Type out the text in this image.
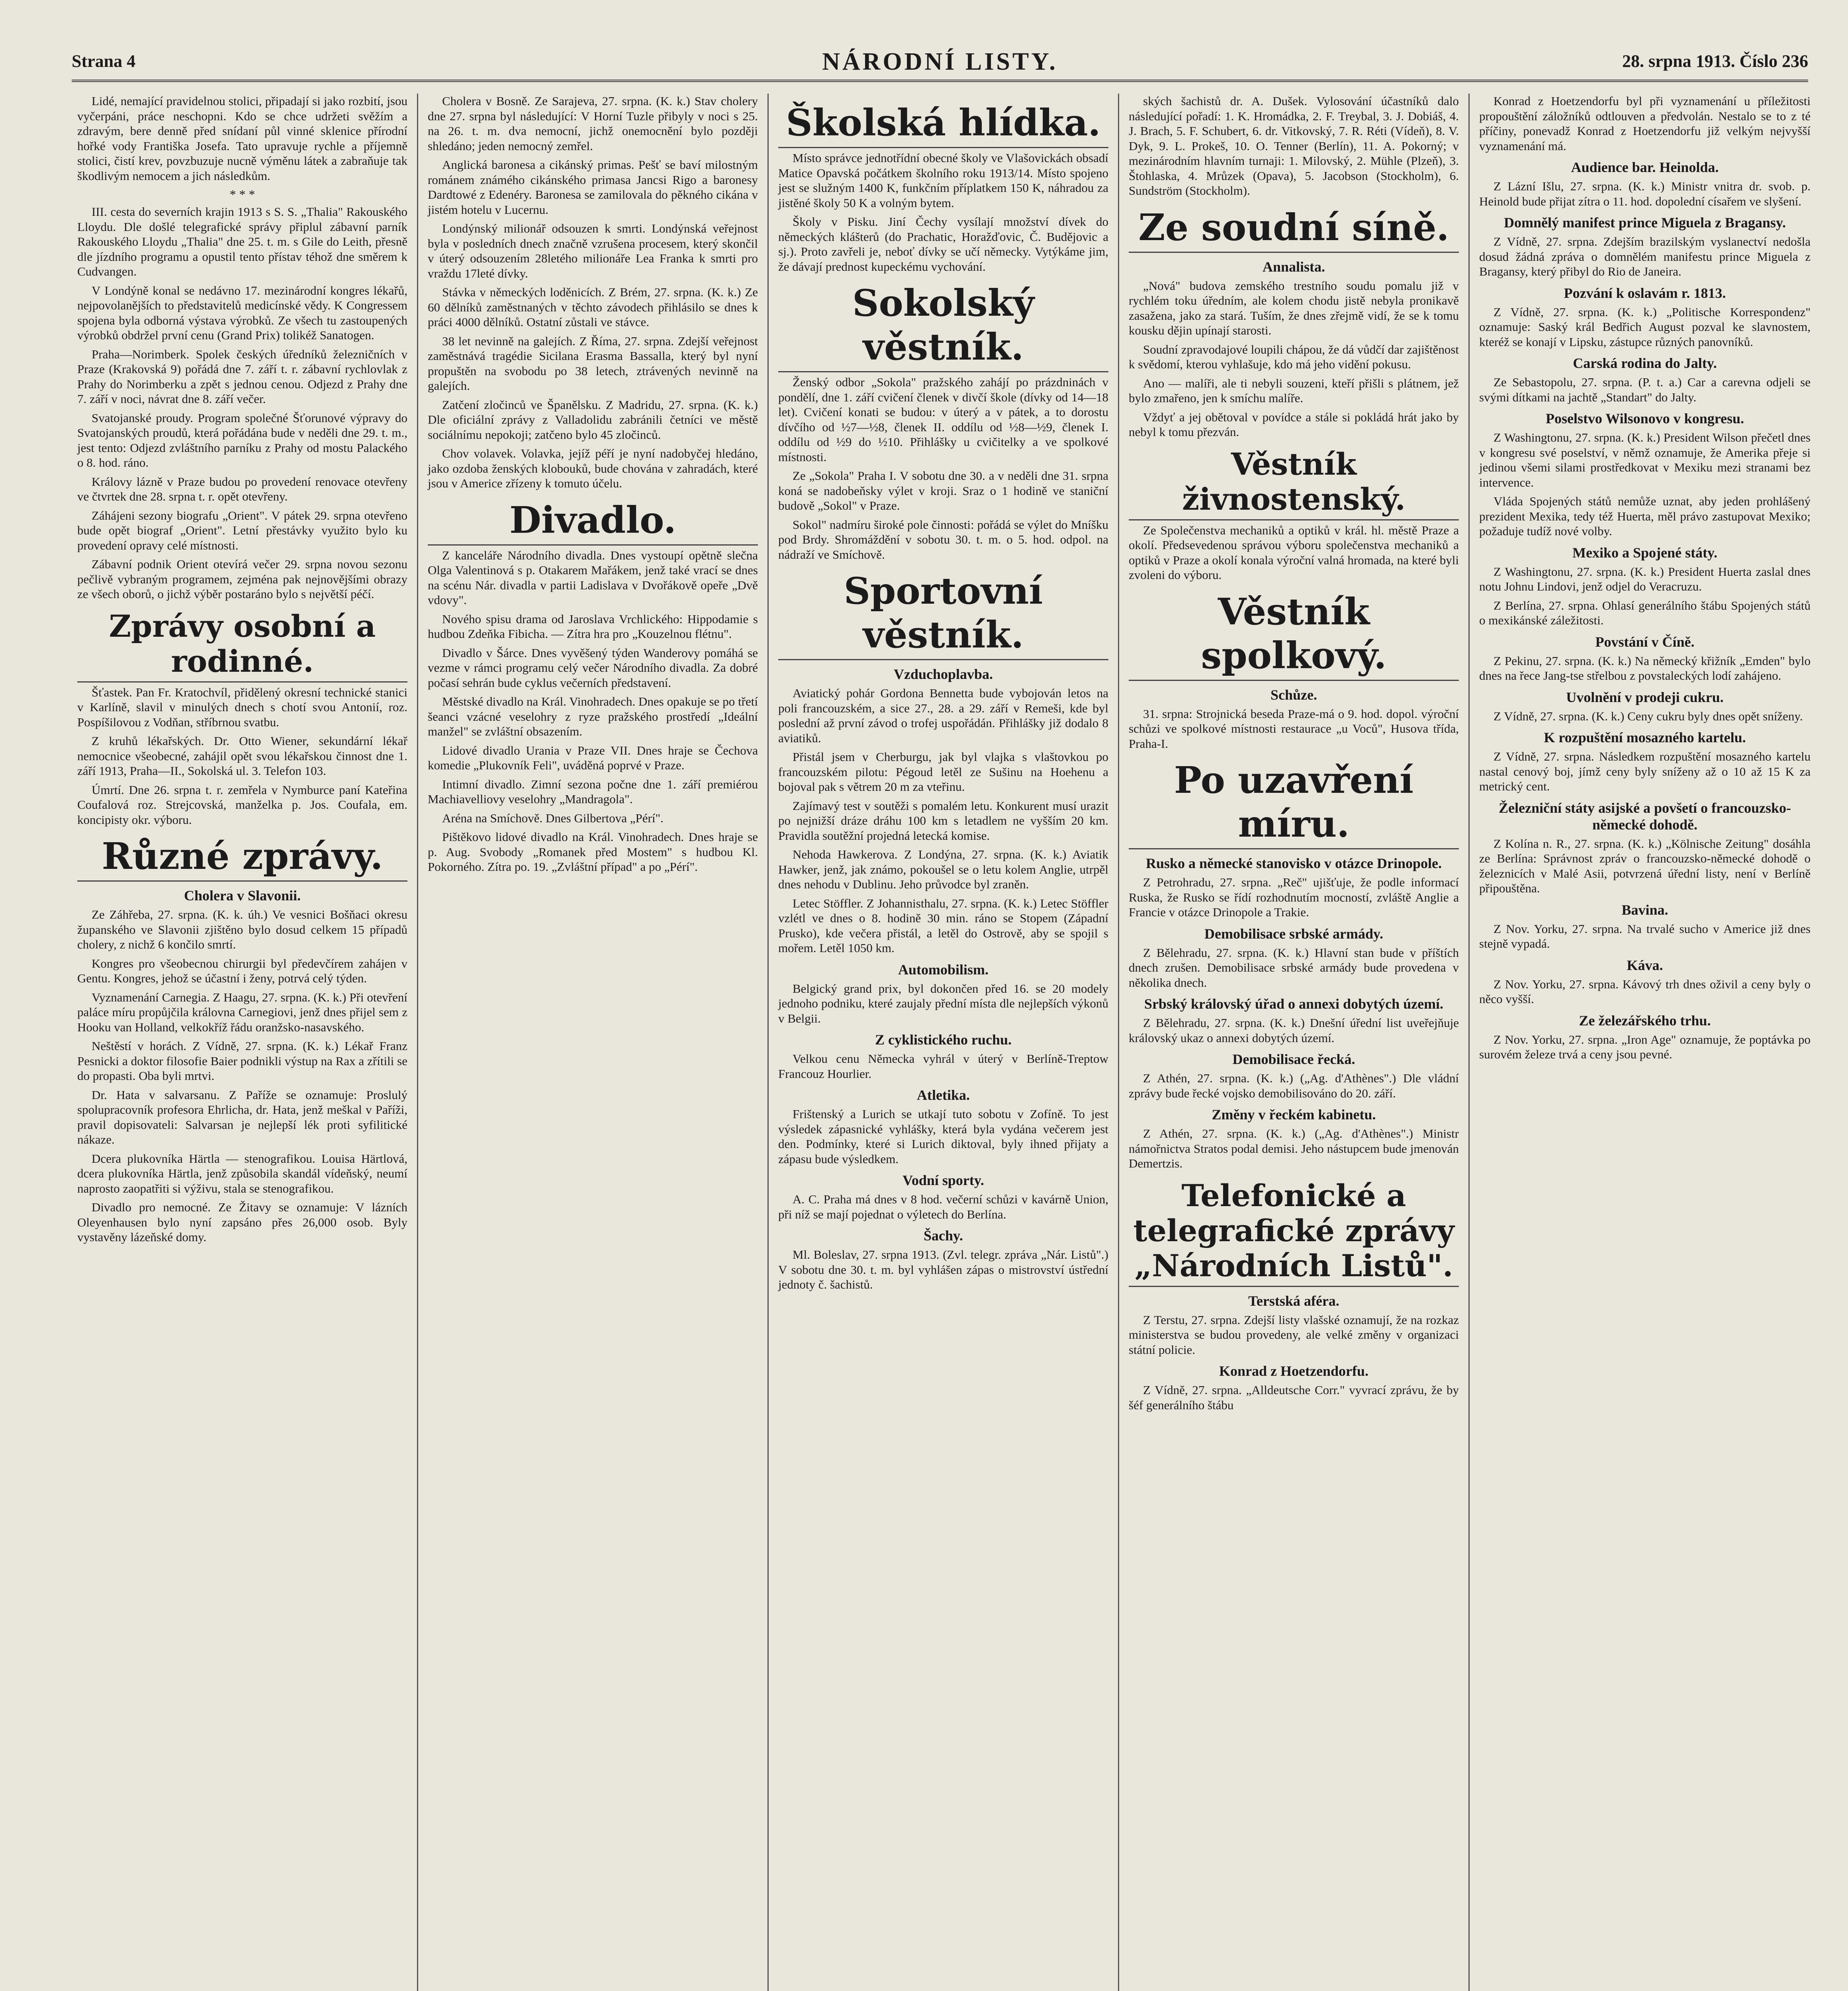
Strana 4	NÁRODNÍ LISTY.	28. srpna 1913. Číslo 236

Lidé, nemající pravidelnou stolici, připadají si jako rozbití, jsou vyčerpáni, práce neschopni. Kdo se chce udržeti svěžím a zdravým, bere denně před snídaní půl vinné sklenice přírodní hořké vody Františka Josefa. Tato upravuje rychle a příjemně stolici, čistí krev, povzbuzuje nucně výměnu látek a zabraňuje tak škodlivým nemocem a jich následkům.

* * *

III. cesta do severních krajin 1913 s S. S. „Thalia" Rakouského Lloydu. Dle došlé telegrafické správy připlul zábavní parník Rakouského Lloydu „Thalia" dne 25. t. m. s Gile do Leith, přesně dle jízdního programu a opustil tento přístav téhož dne směrem k Cudvangen.

V Londýně konal se nedávno 17. mezinárodní kongres lékařů, nejpovolanějších to představitelů medicínské vědy. K Congressem spojena byla odborná výstava výrobků. Ze všech tu zastoupených výrobků obdržel první cenu (Grand Prix) tolikéž Sanatogen.

Praha—Norimberk. Spolek českých úředníků železničních v Praze (Krakovská 9) pořádá dne 7. září t. r. zábavní rychlovlak z Prahy do Norimberku a zpět s jednou cenou. Odjezd z Prahy dne 7. září v noci, návrat dne 8. září večer.

Svatojanské proudy. Program společné Šťorunové výpravy do Svatojanských proudů, která pořádána bude v neděli dne 29. t. m., jest tento: Odjezd zvláštního parníku z Prahy od mostu Palackého o 8. hod. ráno.

Královy lázně v Praze budou po provedení renovace otevřeny ve čtvrtek dne 28. srpna t. r. opět otevřeny.

Záhájeni sezony biografu „Orient". V pátek 29. srpna otevřeno bude opět biograf „Orient". Letní přestávky využito bylo ku provedení opravy celé místnosti.

Zábavní podnik Orient otevírá večer 29. srpna novou sezonu pečlivě vybraným programem, zejména pak nejnovějšími obrazy ze všech oborů, o jichž výběr postaráno bylo s největší péčí.

Zprávy osobní a rodinné.

Šťastek. Pan Fr. Kratochvíl, přidělený okresní technické stanici v Karlíně, slavil v minulých dnech s chotí svou Antonií, roz. Pospíšilovou z Vodňan, stříbrnou svatbu.

Z kruhů lékařských. Dr. Otto Wiener, sekundární lékař nemocnice všeobecné, zahájil opět svou lékařskou činnost dne 1. září 1913, Praha—II., Sokolská ul. 3. Telefon 103.

Úmrtí. Dne 26. srpna t. r. zemřela v Nymburce paní Kateřina Coufalová roz. Strejcovská, manželka p. Jos. Coufala, em. koncipisty okr. výboru.

Různé zprávy.
Cholera v Slavonii.

Ze Záhřeba, 27. srpna. (K. k. úh.) Ve vesnici Bošňaci okresu županského ve Slavonii zjištěno bylo dosud celkem 15 případů cholery, z nichž 6 končilo smrtí.

Kongres pro všeobecnou chirurgii byl předevčírem zahájen v Gentu. Kongres, jehož se účastní i ženy, potrvá celý týden.

Vyznamenání Carnegia. Z Haagu, 27. srpna. (K. k.) Při otevření paláce míru propůjčila královna Carnegiovi, jenž dnes přijel sem z Hooku van Holland, velkokříž řádu oranžsko-nasavského.

Neštěstí v horách. Z Vídně, 27. srpna. (K. k.) Lékař Franz Pesnicki a doktor filosofie Baier podnikli výstup na Rax a zřítili se do propasti. Oba byli mrtvi.

Dr. Hata v salvarsanu. Z Paříže se oznamuje: Proslulý spolupracovník profesora Ehrlicha, dr. Hata, jenž meškal v Paříži, pravil dopisovateli: Salvarsan je nejlepší lék proti syfilitické nákaze.

Dcera plukovníka Härtla — stenografikou. Louisa Härtlová, dcera plukovníka Härtla, jenž způsobila skandál vídeňský, neumí naprosto zaopatřiti si výživu, stala se stenografikou.

Divadlo pro nemocné. Ze Žitavy se oznamuje: V lázních Oleyenhausen bylo nyní zapsáno přes 26,000 osob. Byly vystavěny lázeňské domy.

Cholera v Bosně. Ze Sarajeva, 27. srpna. (K. k.) Stav cholery dne 27. srpna byl následující: V Horní Tuzle přibyly v noci s 25. na 26. t. m. dva nemocní, jichž onemocnění bylo později shledáno; jeden nemocný zemřel.

Anglická baronesa a cikánský primas. Pešť se baví milostným románem známého cikánského primasa Jancsi Rigo a baronesy Dardtowé z Edenéry. Baronesa se zamilovala do pěkného cikána v jistém hotelu v Lucernu.

Londýnský milionář odsouzen k smrti. Londýnská veřejnost byla v posledních dnech značně vzrušena procesem, který skončil v úterý odsouzením 28letého milionáře Lea Franka k smrti pro vraždu 17leté dívky.

Stávka v německých loděnicích. Z Brém, 27. srpna. (K. k.) Ze 60 dělníků zaměstnaných v těchto závodech přihlásilo se dnes k práci 4000 dělníků. Ostatní zůstali ve stávce.

38 let nevinně na galejích. Z Říma, 27. srpna. Zdejší veřejnost zaměstnává tragédie Sicilana Erasma Bassalla, který byl nyní propuštěn na svobodu po 38 letech, ztrávených nevinně na galejích.

Zatčení zločinců ve Španělsku. Z Madridu, 27. srpna. (K. k.) Dle oficiální zprávy z Valladolidu zabránili četníci ve městě sociálnímu nepokoji; zatčeno bylo 45 zločinců.

Chov volavek. Volavka, jejíž péří je nyní nadobyčej hledáno, jako ozdoba ženských klobouků, bude chována v zahradách, které jsou v Americe zřízeny k tomuto účelu.

Divadlo.

Z kanceláře Národního divadla. Dnes vystoupí opětně slečna Olga Valentinová s p. Otakarem Mařákem, jenž také vrací se dnes na scénu Nár. divadla v partii Ladislava v Dvořákově opeře „Dvě vdovy".

Nového spisu drama od Jaroslava Vrchlického: Hippodamie s hudbou Zdeňka Fibicha. — Zítra hra pro „Kouzelnou flétnu".

Divadlo v Šárce. Dnes vyvěšený týden Wanderovy pomáhá se vezme v rámci programu celý večer Národního divadla. Za dobré počasí sehrán bude cyklus večerních představení.

Městské divadlo na Král. Vinohradech. Dnes opakuje se po třetí šeanci vzácné veselohry z ryze pražského prostředí „Ideální manžel" se zvláštní obsazením.

Lidové divadlo Urania v Praze VII. Dnes hraje se Čechova komedie „Plukovník Feli", uváděná poprvé v Praze.

Intimní divadlo. Zimní sezona počne dne 1. září premiérou Machiavelliovy veselohry „Mandragola".

Aréna na Smíchově. Dnes Gilbertova „Pérí".

Pištěkovo lidové divadlo na Král. Vinohradech. Dnes hraje se p. Aug. Svobody „Romanek před Mostem" s hudbou Kl. Pokorného. Zítra po. 19. „Zvláštní případ" a po „Pérí".

Školská hlídka.

Místo správce jednotřídní obecné školy ve Vlašovickách obsadí Matice Opavská počátkem školního roku 1913/14. Místo spojeno jest se služným 1400 K, funkčním příplatkem 150 K, náhradou za jistěné školy 50 K a volným bytem.

Školy v Pisku. Jiní Čechy vysílají množství dívek do německých klášterů (do Prachatic, Horažďovic, Č. Budějovic a sj.). Proto zavřeli je, neboť dívky se učí německy. Vytýkáme jim, že dávají prednost kupeckému vychování.

Sokolský věstník.

Ženský odbor „Sokola" pražského zahájí po prázdninách v pondělí, dne 1. září cvičení členek v divčí škole (dívky od 14—18 let). Cvičení konati se budou: v úterý a v pátek, a to dorostu dívčího od ½7—½8, členek II. oddílu od ½8—½9, členek I. oddílu od ½9 do ½10. Přihlášky u cvičitelky a ve spolkové místnosti.

Ze „Sokola" Praha I. V sobotu dne 30. a v neděli dne 31. srpna koná se nadobeňsky výlet v kroji. Sraz o 1 hodině ve staniční budově „Sokol" v Praze.

Sokol" nadmíru široké pole činnosti: pořádá se výlet do Mníšku pod Brdy. Shromáždění v sobotu 30. t. m. o 5. hod. odpol. na nádraží ve Smíchově.

Sportovní věstník.
Vzduchoplavba.

Aviatický pohár Gordona Bennetta bude vybojován letos na poli francouzském, a sice 27., 28. a 29. září v Remeši, kde byl poslední až první závod o trofej uspořádán. Přihlášky již dodalo 8 aviatiků.

Přistál jsem v Cherburgu, jak byl vlajka s vlaštovkou po francouzském pilotu: Pégoud letěl ze Sušinu na Hoehenu a bojoval pak s větrem 20 m za vteřinu.

Zajímavý test v soutěži s pomalém letu. Konkurent musí urazit po nejnižší dráze dráhu 100 km s letadlem ne vyšším 20 km. Pravidla soutěžní projedná letecká komise.

Nehoda Hawkerova. Z Londýna, 27. srpna. (K. k.) Aviatik Hawker, jenž, jak známo, pokoušel se o letu kolem Anglie, utrpěl dnes nehodu v Dublinu. Jeho průvodce byl zraněn.

Letec Stöffler. Z Johannisthalu, 27. srpna. (K. k.) Letec Stöffler vzlétl ve dnes o 8. hodině 30 min. ráno se Stopem (Západní Prusko), kde večera přistál, a letěl do Ostrově, aby se spojil s mořem. Letěl 1050 km.

Automobilism.

Belgický grand prix, byl dokončen před 16. se 20 modely jednoho podniku, které zaujaly přední místa dle nejlepších výkonů v Belgii.

Z cyklistického ruchu.

Velkou cenu Německa vyhrál v úterý v Berlíně-Treptow Francouz Hourlier.

Atletika.

Frištenský a Lurich se utkají tuto sobotu v Zofíně. To jest výsledek zápasnické vyhlášky, která byla vydána večerem jest den. Podmínky, které si Lurich diktoval, byly ihned přijaty a zápasu bude výsledkem.

Vodní sporty.

A. C. Praha má dnes v 8 hod. večerní schůzi v kavárně Union, při níž se mají pojednat o výletech do Berlína.

Šachy.

Ml. Boleslav, 27. srpna 1913. (Zvl. telegr. zpráva „Nár. Listů".) V sobotu dne 30. t. m. byl vyhlášen zápas o mistrovství ústřední jednoty č. šachistů.

ských šachistů dr. A. Dušek. Vylosování účastníků dalo následující pořadí: 1. K. Hromádka, 2. F. Treybal, 3. J. Dobiáš, 4. J. Brach, 5. F. Schubert, 6. dr. Vitkovský, 7. R. Réti (Vídeň), 8. V. Dyk, 9. L. Prokeš, 10. O. Tenner (Berlín), 11. A. Pokorný; v mezinárodním hlavním turnaji: 1. Milovský, 2. Mühle (Plzeň), 3. Štohlaska, 4. Mrůzek (Opava), 5. Jacobson (Stockholm), 6. Sundström (Stockholm).

Ze soudní síně.
Annalista.

„Nová" budova zemského trestního soudu pomalu již v rychlém toku úředním, ale kolem chodu jistě nebyla pronikavě zasažena, jako za stará. Tuším, že dnes zřejmě vidí, že se k tomu kousku dějin upínají starosti.

Soudní zpravodajové loupili chápou, že dá vůdčí dar zajištěnost k svědomí, kterou vyhlašuje, kdo má jeho vidění pokusu.

Ano — malíři, ale ti nebyli souzeni, kteří přišli s plátnem, jež bylo zmařeno, jen k smíchu malíře.

Vždyť a jej obětoval v povídce a stále si pokládá hrát jako by nebyl k tomu přezván.

Věstník živnostenský.

Ze Společenstva mechaniků a optiků v král. hl. městě Praze a okolí. Předsevedenou správou výboru společenstva mechaniků a optiků v Praze a okolí konala výroční valná hromada, na které byli zvoleni do výboru.

Věstník spolkový.
Schůze.

31. srpna: Strojnická beseda Praze-má o 9. hod. dopol. výroční schůzi ve spolkové místnosti restaurace „u Voců", Husova třída, Praha-I.

Po uzavření míru.
Rusko a německé stanovisko v otázce Drinopole.

Z Petrohradu, 27. srpna. „Reč" ujišťuje, že podle informací Ruska, že Rusko se řídí rozhodnutím mocností, zvláště Anglie a Francie v otázce Drinopole a Trakie.

Demobilisace srbské armády.

Z Bělehradu, 27. srpna. (K. k.) Hlavní stan bude v příštích dnech zrušen. Demobilisace srbské armády bude provedena v několika dnech.

Srbský královský úřad o annexi dobytých území.

Z Bělehradu, 27. srpna. (K. k.) Dnešní úřední list uveřejňuje královský ukaz o annexi dobytých území.

Demobilisace řecká.

Z Athén, 27. srpna. (K. k.) („Ag. d'Athènes".) Dle vládní zprávy bude řecké vojsko demobilisováno do 20. září.

Změny v řeckém kabinetu.

Z Athén, 27. srpna. (K. k.) („Ag. d'Athènes".) Ministr námořnictva Stratos podal demisi. Jeho nástupcem bude jmenován Demertzis.

Telefonické a telegrafické zprávy „Národních Listů".
Terstská aféra.

Z Terstu, 27. srpna. Zdejší listy vlašské oznamují, že na rozkaz ministerstva se budou provedeny, ale velké změny v organizaci státní policie.

Konrad z Hoetzendorfu.

Z Vídně, 27. srpna. „Alldeutsche Corr." vyvrací zprávu, že by šéf generálního štábu

Konrad z Hoetzendorfu byl při vyznamenání u příležitosti propouštění záložníků odtlouven a předvolán. Nestalo se to z té příčiny, ponevadž Konrad z Hoetzendorfu již velkým nejvyšší vyznamenání má.

Audience bar. Heinolda.

Z Lázní Išlu, 27. srpna. (K. k.) Ministr vnitra dr. svob. p. Heinold bude přijat zítra o 11. hod. dopolední císařem ve slyšení.

Domnělý manifest prince Miguela z Bragansy.

Z Vídně, 27. srpna. Zdejším brazilským vyslanectví nedošla dosud žádná zpráva o domnělém manifestu prince Miguela z Bragansy, který přibyl do Rio de Janeira.

Pozvání k oslavám r. 1813.

Z Vídně, 27. srpna. (K. k.) „Politische Korrespondenz" oznamuje: Saský král Bedřich August pozval ke slavnostem, kteréž se konají v Lipsku, zástupce různých panovníků.

Carská rodina do Jalty.

Ze Sebastopolu, 27. srpna. (P. t. a.) Car a carevna odjeli se svými dítkami na jachtě „Standart" do Jalty.

Poselstvo Wilsonovo v kongresu.

Z Washingtonu, 27. srpna. (K. k.) President Wilson přečetl dnes v kongresu své poselství, v němž oznamuje, že Amerika přeje si jedinou všemi silami prostředkovat v Mexiku mezi stranami bez intervence.

Vláda Spojených států nemůže uznat, aby jeden prohlášený prezident Mexika, tedy též Huerta, měl právo zastupovat Mexiko; požaduje tudíž nové volby.

Mexiko a Spojené státy.

Z Washingtonu, 27. srpna. (K. k.) President Huerta zaslal dnes notu Johnu Lindovi, jenž odjel do Veracruzu.

Z Berlína, 27. srpna. Ohlasí generálního štábu Spojených států o mexikánské záležitosti.

Povstání v Číně.

Z Pekinu, 27. srpna. (K. k.) Na německý křižník „Emden" bylo dnes na řece Jang-tse střelbou z povstaleckých lodí zahájeno.

Uvolnění v prodeji cukru.

Z Vídně, 27. srpna. (K. k.) Ceny cukru byly dnes opět sníženy.

K rozpuštění mosazného kartelu.

Z Vídně, 27. srpna. Následkem rozpuštění mosazného kartelu nastal cenový boj, jímž ceny byly sníženy až o 10 až 15 K za metrický cent.

Železniční státy asijské a povšetí o francouzsko-německé dohodě.

Z Kolína n. R., 27. srpna. (K. k.) „Kölnische Zeitung" dosáhla ze Berlína: Správnost zpráv o francouzsko-německé dohodě o železnicích v Malé Asii, potvrzená úřední listy, není v Berlíně připouštěna.

Bavina.

Z Nov. Yorku, 27. srpna. Na trvalé sucho v Americe již dnes stejně vypadá.

Káva.

Z Nov. Yorku, 27. srpna. Kávový trh dnes oživil a ceny byly o něco vyšší.

Ze železářského trhu.

Z Nov. Yorku, 27. srpna. „Iron Age" oznamuje, že poptávka po surovém železe trvá a ceny jsou pevné.
